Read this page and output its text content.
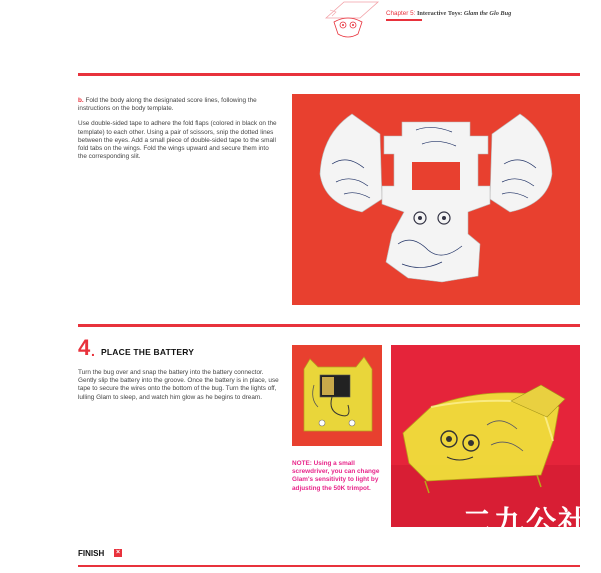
Chapter 5: Interactive Toys: Glam the Glo Bug

b. Fold the body along the designated score lines, following the instructions on the body template.

Use double-sided tape to adhere the fold flaps (colored in black on the template) to each other. Using a pair of scissors, snip the dotted lines between the eyes. Add a small piece of double-sided tape to the small fold tabs on the wings. Fold the wings upward and secure them into the corresponding slit.

4 . PLACE THE BATTERY

Turn the bug over and snap the battery into the battery connector. Gently slip the battery into the groove. Once the battery is in place, use tape to secure the wires onto the bottom of the bug. Turn the lights off, lulling Glam to sleep, and watch him glow as he begins to dream.

NOTE: Using a small screwdriver, you can change Glam's sensitivity to light by adjusting the 50K trimpot.
二九公社
FINISH ×
